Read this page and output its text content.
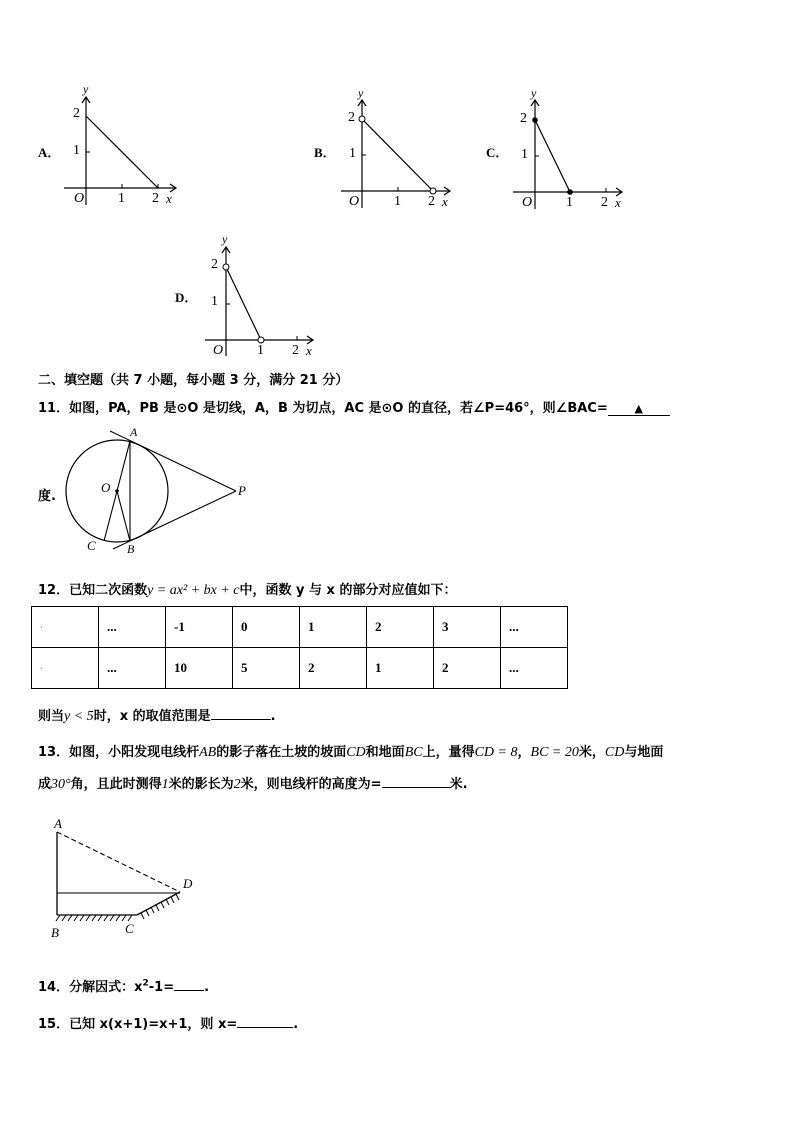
A．
y
2
1
O 1 2 x
B．
y
2
1
O 1 2 x
C．
y
2
1
O 1 2 x
D．
y
2
1
O 1 2 x
二、填空题（共 7 小题，每小题 3 分，满分 21 分）
11．如图，PA，PB 是⊙O 是切线，A，B 为切点，AC 是⊙O 的直径，若∠P=46°，则∠BAC= ▲
度.
A
O	P
C	B
12．已知二次函数y = ax² + bx + c中，函数 y 与 x 的部分对应值如下：
·	...	-1	0	1	2	3	...
·	...	10	5	2	1	2	...
则当y < 5时，x 的取值范围是	.
13．如图，小阳发现电线杆AB的影子落在土坡的坡面CD和地面BC上，量得CD = 8，BC = 20米，CD与地面
成30°角，且此时测得1米的影长为2米，则电线杆的高度为=	米.
A
B	C
D
14．分解因式：$x^2-1=$ .
15．已知 x(x+1)=x+1，则 x=	.
